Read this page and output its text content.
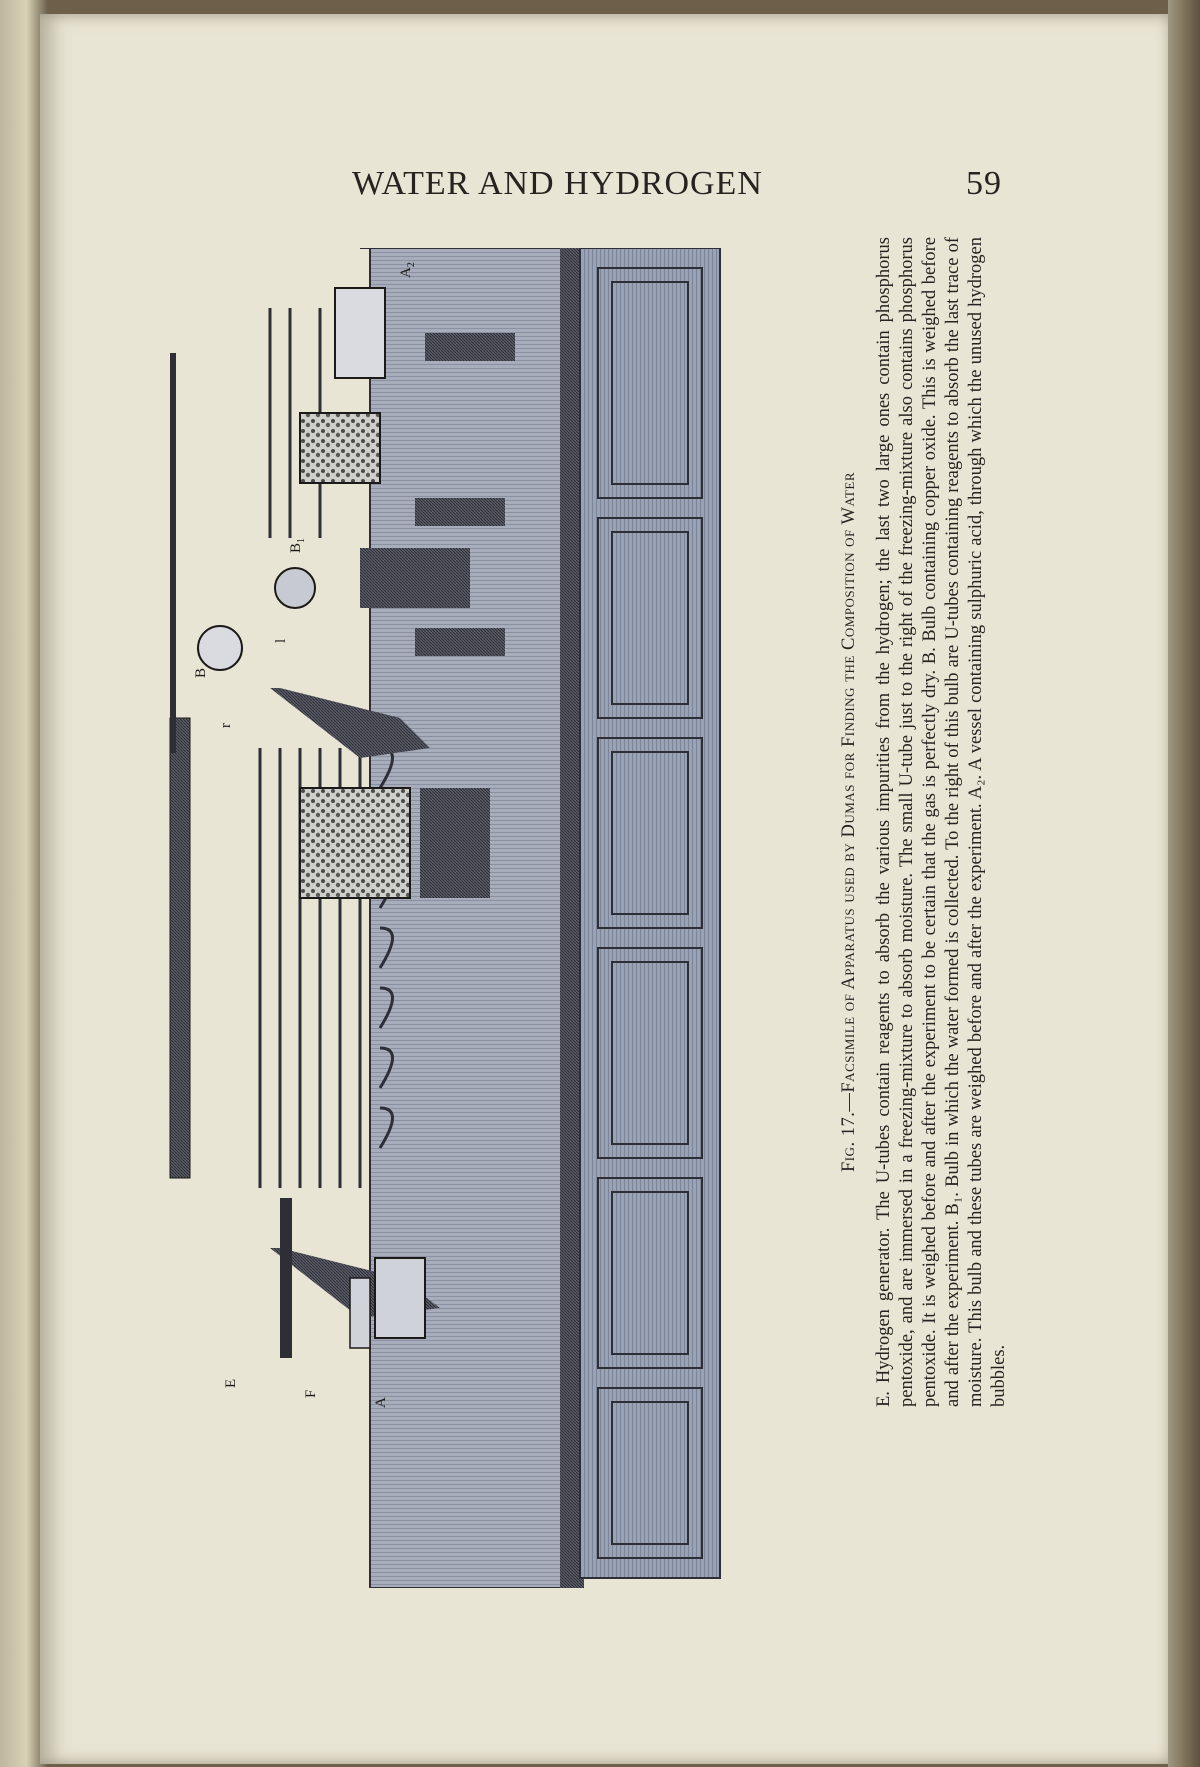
WATER AND HYDROGEN	59
A
F
E
r
B
l
$B_1$
$A_2$
Fig. 17.—Facsimile of Apparatus used by Dumas for Finding the Composition of Water E. Hydrogen generator. The U-tubes contain reagents to absorb the various impurities from the hydrogen; the last two large ones contain phosphorus pentoxide, and are immersed in a freezing-mixture to absorb moisture. The small U-tube just to the right of the freezing-mixture also contains phosphorus pentoxide. It is weighed before and after the experiment to be certain that the gas is perfectly dry. B. Bulb containing copper oxide. This is weighed before and after the experiment. B₁. Bulb in which the water formed is collected. To the right of this bulb are U-tubes containing reagents to absorb the last trace of moisture. This bulb and these tubes are weighed before and after the experiment. A₂. A vessel containing sulphuric acid, through which the unused hydrogen bubbles.
